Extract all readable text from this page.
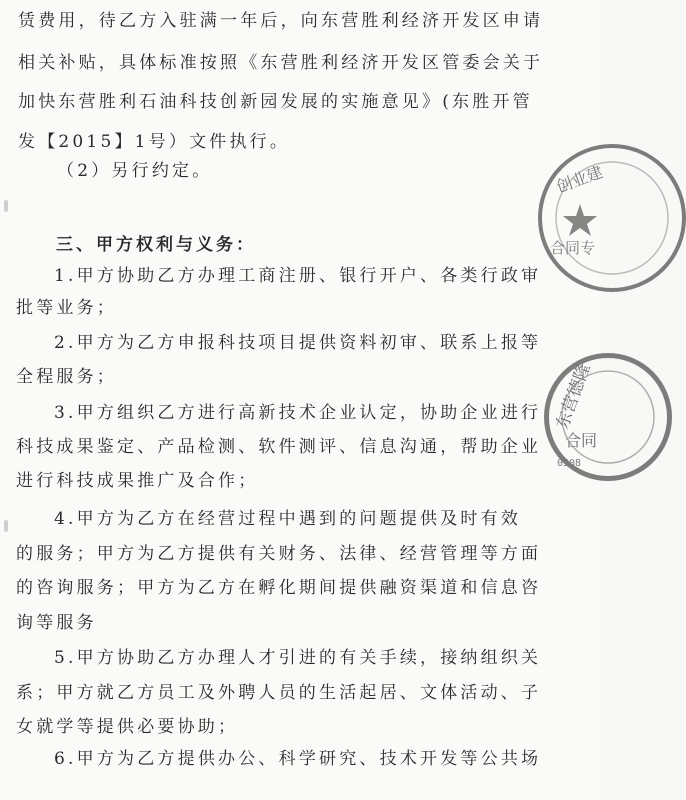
赁费用，待乙方入驻满一年后，向东营胜利经济开发区申请
相关补贴，具体标准按照《东营胜利经济开发区管委会关于
加快东营胜利石油科技创新园发展的实施意见》(东胜开管
发【2015】1号）文件执行。
（2）另行约定。
三、甲方权利与义务：
1.甲方协助乙方办理工商注册、银行开户、各类行政审
批等业务；
2.甲方为乙方申报科技项目提供资料初审、联系上报等
全程服务；
3.甲方组织乙方进行高新技术企业认定，协助企业进行
科技成果鉴定、产品检测、软件测评、信息沟通，帮助企业
进行科技成果推广及合作；
4.甲方为乙方在经营过程中遇到的问题提供及时有效
的服务；甲方为乙方提供有关财务、法律、经营管理等方面
的咨询服务；甲方为乙方在孵化期间提供融资渠道和信息咨
询等服务
5.甲方协助乙方办理人才引进的有关手续，接纳组织关
系；甲方就乙方员工及外聘人员的生活起居、文体活动、子
女就学等提供必要协助；
6.甲方为乙方提供办公、科学研究、技术开发等公共场
创业建
合同专
东营德隆
合同
0508
